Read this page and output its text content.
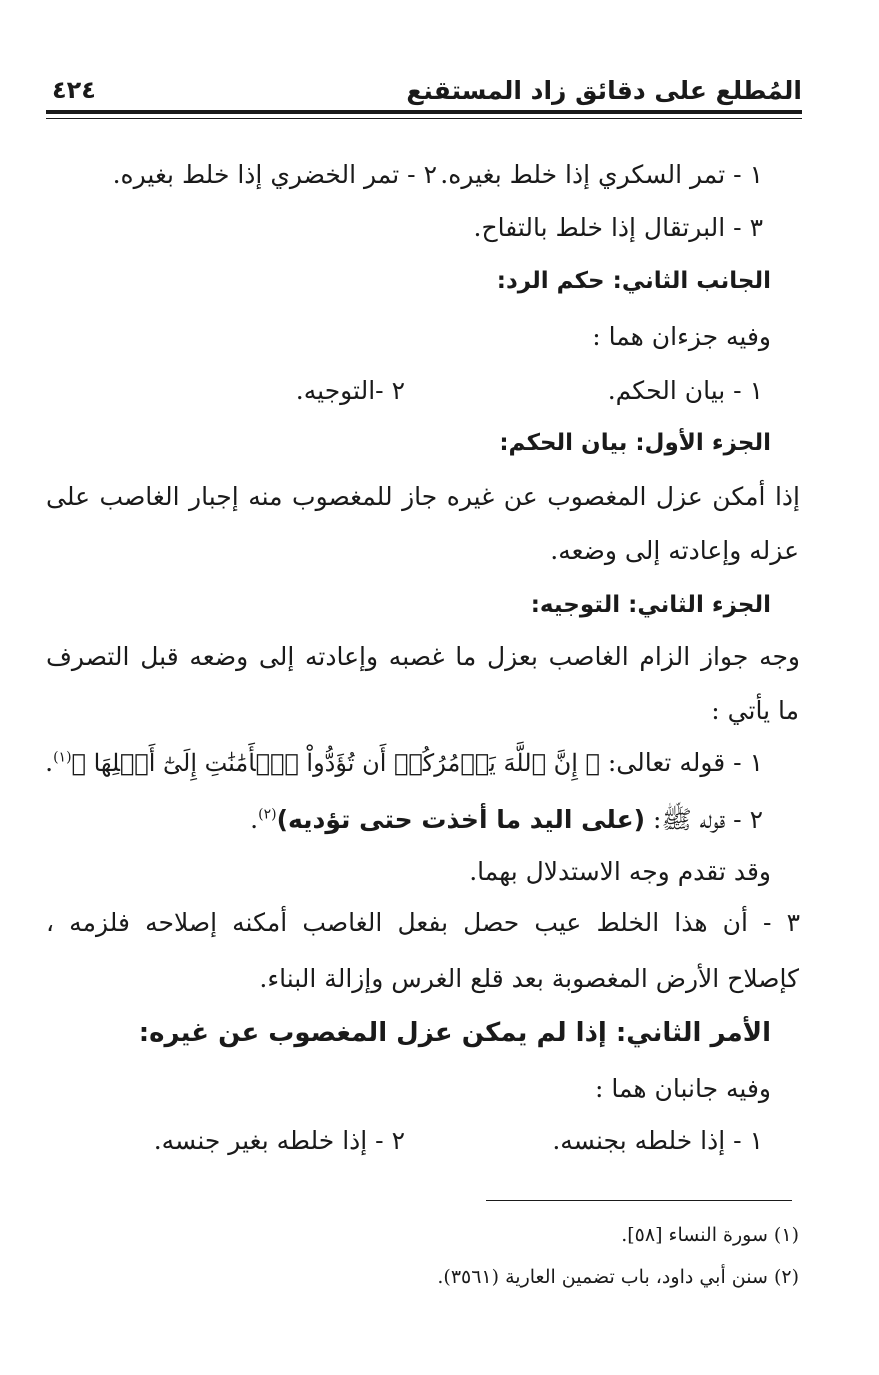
المُطلع على دقائق زاد المستقنع
٤٢٤
١ - تمر السكري إذا خلط بغيره.
٢ - تمر الخضري إذا خلط بغيره.
٣ - البرتقال إذا خلط بالتفاح.
الجانب الثاني: حكم الرد:
وفيه جزءان هما :
١ - بيان الحكم.
٢ -التوجيه.
الجزء الأول: بيان الحكم:
إذا أمكن عزل المغصوب عن غيره جاز للمغصوب منه إجبار الغاصب على
عزله وإعادته إلى وضعه.
الجزء الثاني: التوجيه:
وجه جواز الزام الغاصب بعزل ما غصبه وإعادته إلى وضعه قبل التصرف
ما يأتي :
١ - قوله تعالى: ﴿ إِنَّ ٱللَّهَ يَأۡمُرُكُمۡ أَن تُؤَدُّواْ ٱلۡأَمَٰنَٰتِ إِلَىٰٓ أَهۡلِهَا ﴾$^{(١)}$.
٢ - قوله ﷺ: (على اليد ما أخذت حتى تؤديه)$^{(٢)}$.
وقد تقدم وجه الاستدلال بهما.
٣ - أن هذا الخلط عيب حصل بفعل الغاصب أمكنه إصلاحه فلزمه ،
كإصلاح الأرض المغصوبة بعد قلع الغرس وإزالة البناء.
الأمر الثاني: إذا لم يمكن عزل المغصوب عن غيره:
وفيه جانبان هما :
١ - إذا خلطه بجنسه.
٢ - إذا خلطه بغير جنسه.
(١) سورة النساء [٥٨].
(٢) سنن أبي داود، باب تضمين العارية (٣٥٦١).
